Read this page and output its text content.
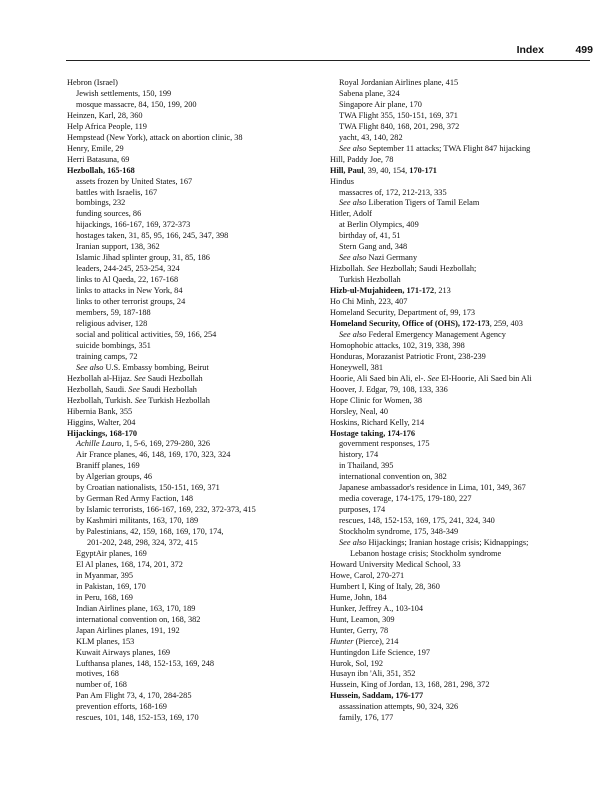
Index	499
Hebron (Israel)
Jewish settlements, 150, 199
mosque massacre, 84, 150, 199, 200
Heinzen, Karl, 28, 360
Help Africa People, 119
Hempstead (New York), attack on abortion clinic, 38
Henry, Emile, 29
Herri Batasuna, 69
Hezbollah, 165-168
assets frozen by United States, 167
battles with Israelis, 167
bombings, 232
funding sources, 86
hijackings, 166-167, 169, 372-373
hostages taken, 31, 85, 95, 166, 245, 347, 398
Iranian support, 138, 362
Islamic Jihad splinter group, 31, 85, 186
leaders, 244-245, 253-254, 324
links to Al Qaeda, 22, 167-168
links to attacks in New York, 84
links to other terrorist groups, 24
members, 59, 187-188
religious adviser, 128
social and political activities, 59, 166, 254
suicide bombings, 351
training camps, 72
See also U.S. Embassy bombing, Beirut
Hezbollah al-Hijaz. See Saudi Hezbollah
Hezbollah, Saudi. See Saudi Hezbollah
Hezbollah, Turkish. See Turkish Hezbollah
Hibernia Bank, 355
Higgins, Walter, 204
Hijackings, 168-170
Achille Lauro, 1, 5-6, 169, 279-280, 326
Air France planes, 46, 148, 169, 170, 323, 324
Braniff planes, 169
by Algerian groups, 46
by Croatian nationalists, 150-151, 169, 371
by German Red Army Faction, 148
by Islamic terrorists, 166-167, 169, 232, 372-373, 415
by Kashmiri militants, 163, 170, 189
by Palestinians, 42, 159, 168, 169, 170, 174,
201-202, 248, 298, 324, 372, 415
EgyptAir planes, 169
El Al planes, 168, 174, 201, 372
in Myanmar, 395
in Pakistan, 169, 170
in Peru, 168, 169
Indian Airlines plane, 163, 170, 189
international convention on, 168, 382
Japan Airlines planes, 191, 192
KLM planes, 153
Kuwait Airways planes, 169
Lufthansa planes, 148, 152-153, 169, 248
motives, 168
number of, 168
Pan Am Flight 73, 4, 170, 284-285
prevention efforts, 168-169
rescues, 101, 148, 152-153, 169, 170
Royal Jordanian Airlines plane, 415
Sabena plane, 324
Singapore Air plane, 170
TWA Flight 355, 150-151, 169, 371
TWA Flight 840, 168, 201, 298, 372
yacht, 43, 140, 282
See also September 11 attacks; TWA Flight 847 hijacking
Hill, Paddy Joe, 78
Hill, Paul, 39, 40, 154, 170-171
Hindus
massacres of, 172, 212-213, 335
See also Liberation Tigers of Tamil Eelam
Hitler, Adolf
at Berlin Olympics, 409
birthday of, 41, 51
Stern Gang and, 348
See also Nazi Germany
Hizbollah. See Hezbollah; Saudi Hezbollah;
Turkish Hezbollah
Hizb-ul-Mujahideen, 171-172, 213
Ho Chi Minh, 223, 407
Homeland Security, Department of, 99, 173
Homeland Security, Office of (OHS), 172-173, 259, 403
See also Federal Emergency Management Agency
Homophobic attacks, 102, 319, 338, 398
Honduras, Morazanist Patriotic Front, 238-239
Honeywell, 381
Hoorie, Ali Saed bin Ali, el-. See El-Hoorie, Ali Saed bin Ali
Hoover, J. Edgar, 79, 108, 133, 336
Hope Clinic for Women, 38
Horsley, Neal, 40
Hoskins, Richard Kelly, 214
Hostage taking, 174-176
government responses, 175
history, 174
in Thailand, 395
international convention on, 382
Japanese ambassador's residence in Lima, 101, 349, 367
media coverage, 174-175, 179-180, 227
purposes, 174
rescues, 148, 152-153, 169, 175, 241, 324, 340
Stockholm syndrome, 175, 348-349
See also Hijackings; Iranian hostage crisis; Kidnappings;
Lebanon hostage crisis; Stockholm syndrome
Howard University Medical School, 33
Howe, Carol, 270-271
Humbert I, King of Italy, 28, 360
Hume, John, 184
Hunker, Jeffrey A., 103-104
Hunt, Leamon, 309
Hunter, Gerry, 78
Hunter (Pierce), 214
Huntingdon Life Science, 197
Hurok, Sol, 192
Husayn ibn 'Ali, 351, 352
Hussein, King of Jordan, 13, 168, 281, 298, 372
Hussein, Saddam, 176-177
assassination attempts, 90, 324, 326
family, 176, 177
